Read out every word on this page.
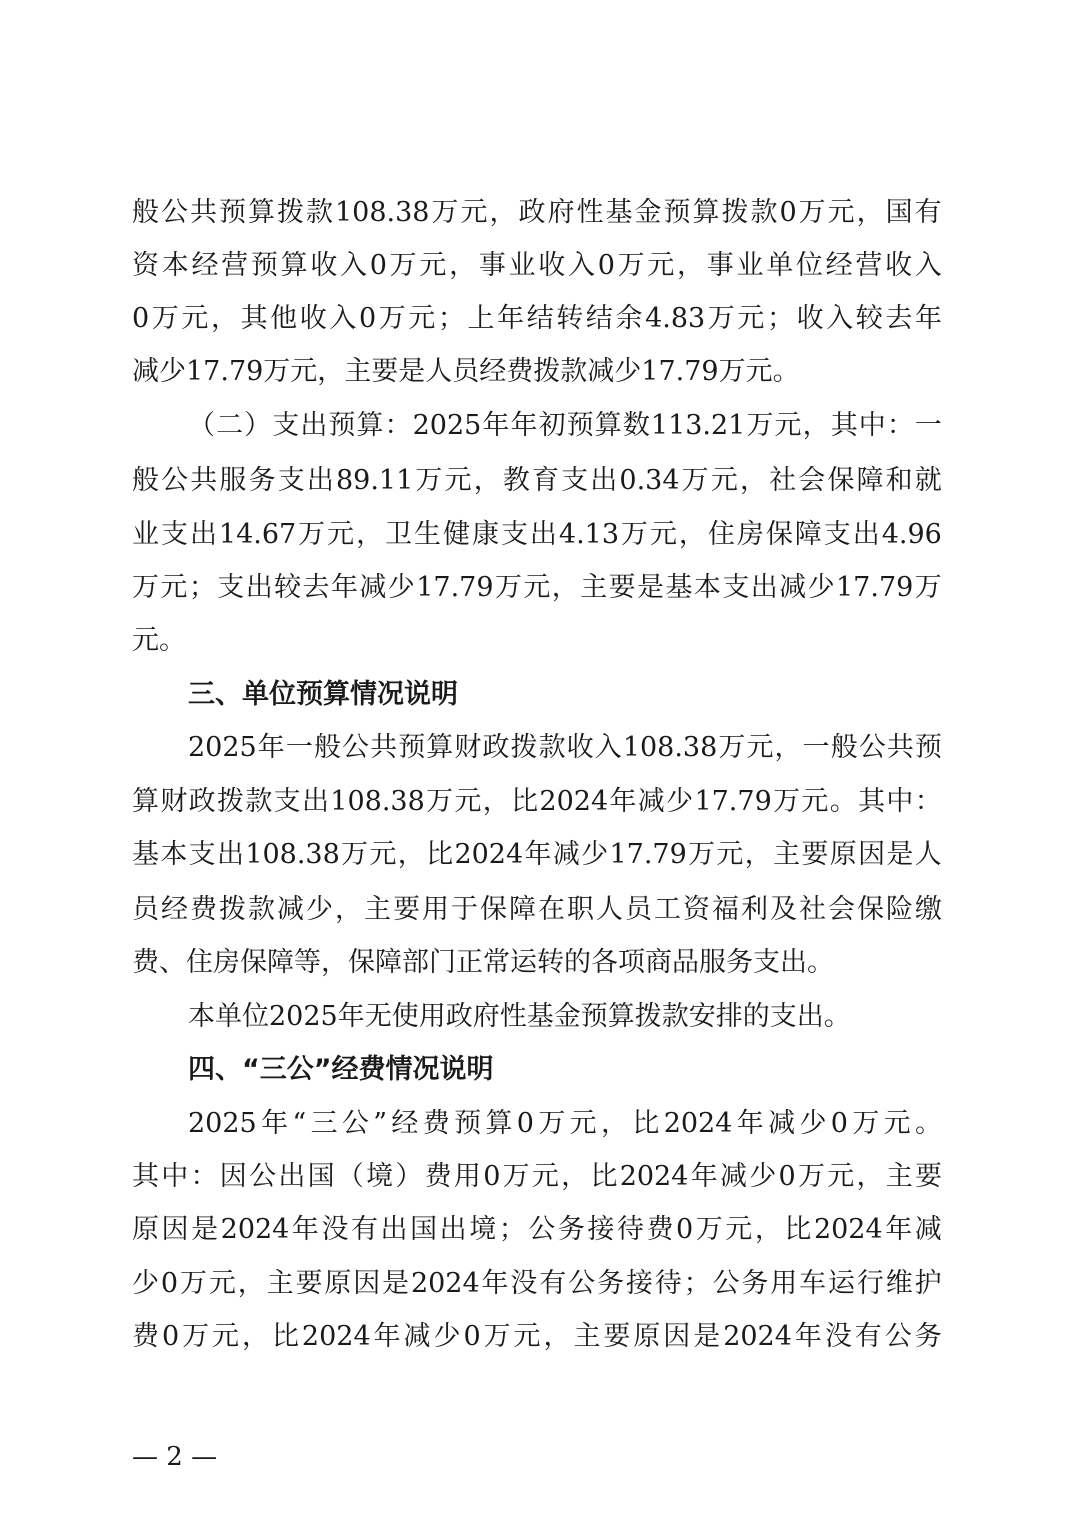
般 公 共 预 算 拨 款 108.38 万 元 ， 政 府 性 基 金 预 算 拨 款 0 万 元 ， 国 有
资 本 经 营 预 算 收 入 0 万 元 ， 事 业 收 入 0 万 元 ， 事 业 单 位 经 营 收 入
0 万 元 ， 其 他 收 入 0 万 元 ； 上 年 结 转 结 余 4.83 万 元 ； 收 入 较 去 年
减少17.79万元，主要是人员经费拨款减少17.79万元。
（ 二 ） 支 出 预 算 ： 2025 年 年 初 预 算 数 113.21 万 元 ， 其 中 ： 一
般 公 共 服 务 支 出 89.11 万 元 ， 教 育 支 出 0.34 万 元 ， 社 会 保 障 和 就
业 支 出 14.67 万 元 ， 卫 生 健 康 支 出 4.13 万 元 ， 住 房 保 障 支 出 4.96
万 元 ； 支 出 较 去 年 减 少 17.79 万 元 ， 主 要 是 基 本 支 出 减 少 17.79 万
元。
三、单位预算情况说明
2025 年 一 般 公 共 预 算 财 政 拨 款 收 入 108.38 万 元 ， 一 般 公 共 预
算 财 政 拨 款 支 出 108.38 万 元 ， 比 2024 年 减 少 17.79 万 元 。 其 中 ：
基 本 支 出 108.38 万 元 ， 比 2024 年 减 少 17.79 万 元 ， 主 要 原 因 是 人
员 经 费 拨 款 减 少 ， 主 要 用 于 保 障 在 职 人 员 工 资 福 利 及 社 会 保 险 缴
费、住房保障等，保障部门正常运转的各项商品服务支出。
本单位2025年无使用政府性基金预算拨款安排的支出。
四、“三公”经费情况说明
2025 年 “ 三 公 ” 经 费 预 算 0 万 元 ， 比 2024 年 减 少 0 万 元 。
其 中 ： 因 公 出 国 （ 境 ） 费 用 0 万 元 ， 比 2024 年 减 少 0 万 元 ， 主 要
原 因 是 2024 年 没 有 出 国 出 境 ； 公 务 接 待 费 0 万 元 ， 比 2024 年 减
少 0 万 元 ， 主 要 原 因 是 2024 年 没 有 公 务 接 待 ； 公 务 用 车 运 行 维 护
费 0 万 元 ， 比 2024 年 减 少 0 万 元 ， 主 要 原 因 是 2024 年 没 有 公 务
— 2 —
